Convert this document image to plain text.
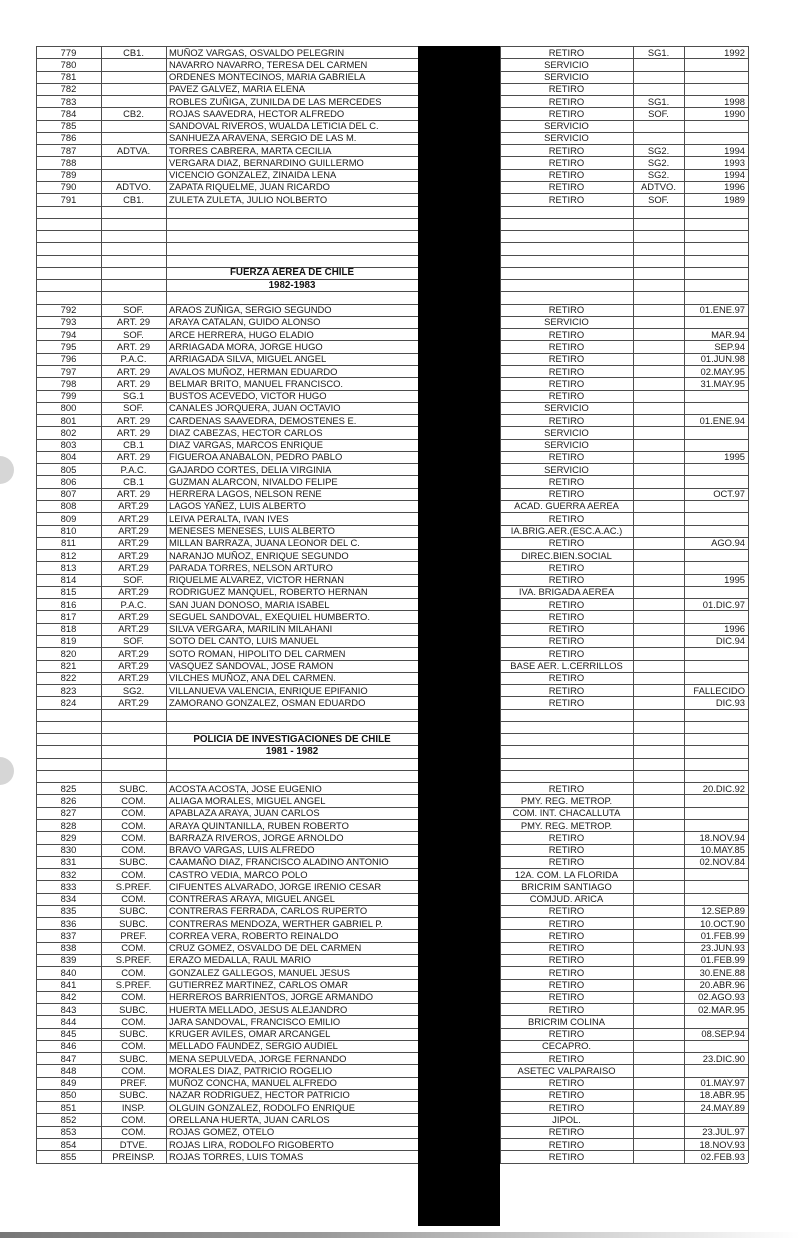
779	CB1.	MUÑOZ VARGAS, OSVALDO PELEGRIN	RETIRO	SG1.	1992
780	NAVARRO NAVARRO, TERESA DEL CARMEN	SERVICIO
781	ORDENES MONTECINOS, MARIA GABRIELA	SERVICIO
782	PAVEZ GALVEZ, MARIA ELENA	RETIRO
783	ROBLES ZUÑIGA, ZUNILDA DE LAS MERCEDES	RETIRO	SG1.	1998
784	CB2.	ROJAS SAAVEDRA, HECTOR ALFREDO	RETIRO	SOF.	1990
785	SANDOVAL RIVEROS, WUALDA LETICIA DEL C.	SERVICIO
786	SANHUEZA ARAVENA, SERGIO DE LAS M.	SERVICIO
787	ADTVA.	TORRES CABRERA, MARTA CECILIA	RETIRO	SG2.	1994
788	VERGARA DIAZ, BERNARDINO GUILLERMO	RETIRO	SG2.	1993
789	VICENCIO GONZALEZ, ZINAIDA LENA	RETIRO	SG2.	1994
790	ADTVO.	ZAPATA RIQUELME, JUAN RICARDO	RETIRO	ADTVO.	1996
791	CB1.	ZULETA ZULETA, JULIO NOLBERTO	RETIRO	SOF.	1989
FUERZA AEREA DE CHILE
1982-1983
792	SOF.	ARAOS ZUÑIGA, SERGIO SEGUNDO	RETIRO	01.ENE.97
793	ART. 29	ARAYA CATALAN, GUIDO ALONSO	SERVICIO
794	SOF.	ARCE HERRERA, HUGO ELADIO	RETIRO	MAR.94
795	ART. 29	ARRIAGADA MORA, JORGE HUGO	RETIRO	SEP.94
796	P.A.C.	ARRIAGADA SILVA, MIGUEL ANGEL	RETIRO	01.JUN.98
797	ART. 29	AVALOS MUÑOZ, HERMAN EDUARDO	RETIRO	02.MAY.95
798	ART. 29	BELMAR BRITO, MANUEL FRANCISCO.	RETIRO	31.MAY.95
799	SG.1	BUSTOS ACEVEDO, VICTOR HUGO	RETIRO
800	SOF.	CANALES JORQUERA, JUAN OCTAVIO	SERVICIO
801	ART. 29	CARDENAS SAAVEDRA, DEMOSTENES E.	RETIRO	01.ENE.94
802	ART. 29	DIAZ CABEZAS, HECTOR CARLOS	SERVICIO
803	CB.1	DIAZ VARGAS, MARCOS ENRIQUE	SERVICIO
804	ART. 29	FIGUEROA ANABALON, PEDRO PABLO	RETIRO	1995
805	P.A.C.	GAJARDO CORTES, DELIA VIRGINIA	SERVICIO
806	CB.1	GUZMAN ALARCON, NIVALDO FELIPE	RETIRO
807	ART. 29	HERRERA LAGOS, NELSON RENE	RETIRO	OCT.97
808	ART.29	LAGOS YAÑEZ, LUIS ALBERTO	ACAD. GUERRA AEREA
809	ART.29	LEIVA PERALTA, IVAN IVES	RETIRO
810	ART.29	MENESES MENESES, LUIS ALBERTO	IA.BRIG.AER.(ESC.A.AC.)
811	ART.29	MILLAN BARRAZA, JUANA LEONOR DEL C.	RETIRO	AGO.94
812	ART.29	NARANJO MUÑOZ, ENRIQUE SEGUNDO	DIREC.BIEN.SOCIAL
813	ART.29	PARADA TORRES, NELSON ARTURO	RETIRO
814	SOF.	RIQUELME ALVAREZ, VICTOR HERNAN	RETIRO	1995
815	ART.29	RODRIGUEZ MANQUEL, ROBERTO HERNAN	IVA. BRIGADA AEREA
816	P.A.C.	SAN JUAN DONOSO, MARIA ISABEL	RETIRO	01.DIC.97
817	ART.29	SEGUEL SANDOVAL, EXEQUIEL HUMBERTO.	RETIRO
818	ART.29	SILVA VERGARA, MARILIN MILAHANI	RETIRO	1996
819	SOF.	SOTO DEL CANTO, LUIS MANUEL	RETIRO	DIC.94
820	ART.29	SOTO ROMAN, HIPOLITO DEL CARMEN	RETIRO
821	ART.29	VASQUEZ SANDOVAL, JOSE RAMON	BASE AER. L.CERRILLOS
822	ART.29	VILCHES MUÑOZ, ANA DEL CARMEN.	RETIRO
823	SG2.	VILLANUEVA VALENCIA, ENRIQUE EPIFANIO	RETIRO	FALLECIDO
824	ART.29	ZAMORANO GONZALEZ, OSMAN EDUARDO	RETIRO	DIC.93
POLICIA DE INVESTIGACIONES DE CHILE
1981 - 1982
825	SUBC.	ACOSTA ACOSTA, JOSE EUGENIO	RETIRO	20.DIC.92
826	COM.	ALIAGA MORALES, MIGUEL ANGEL	PMY. REG. METROP.
827	COM.	APABLAZA ARAYA, JUAN CARLOS	COM. INT. CHACALLUTA
828	COM.	ARAYA QUINTANILLA, RUBEN ROBERTO	PMY. REG. METROP.
829	COM.	BARRAZA RIVEROS, JORGE ARNOLDO	RETIRO	18.NOV.94
830	COM.	BRAVO VARGAS, LUIS ALFREDO	RETIRO	10.MAY.85
831	SUBC.	CAAMAÑO DIAZ, FRANCISCO ALADINO ANTONIO	RETIRO	02.NOV.84
832	COM.	CASTRO VEDIA, MARCO POLO	12A. COM. LA FLORIDA
833	S.PREF.	CIFUENTES ALVARADO, JORGE IRENIO CESAR	BRICRIM SANTIAGO
834	COM.	CONTRERAS ARAYA, MIGUEL ANGEL	COMJUD. ARICA
835	SUBC.	CONTRERAS FERRADA, CARLOS RUPERTO	RETIRO	12.SEP.89
836	SUBC.	CONTRERAS MENDOZA, WERTHER GABRIEL P.	RETIRO	10.OCT.90
837	PREF.	CORREA VERA, ROBERTO REINALDO	RETIRO	01.FEB.99
838	COM.	CRUZ GOMEZ, OSVALDO DE DEL CARMEN	RETIRO	23.JUN.93
839	S.PREF.	ERAZO MEDALLA, RAUL MARIO	RETIRO	01.FEB.99
840	COM.	GONZALEZ GALLEGOS, MANUEL JESUS	RETIRO	30.ENE.88
841	S.PREF.	GUTIERREZ MARTINEZ, CARLOS OMAR	RETIRO	20.ABR.96
842	COM.	HERREROS BARRIENTOS, JORGE ARMANDO	RETIRO	02.AGO.93
843	SUBC.	HUERTA MELLADO, JESUS ALEJANDRO	RETIRO	02.MAR.95
844	COM.	JARA SANDOVAL, FRANCISCO EMILIO	BRICRIM COLINA
845	SUBC.	KRUGER AVILES, OMAR ARCANGEL	RETIRO	08.SEP.94
846	COM.	MELLADO FAUNDEZ, SERGIO AUDIEL	CECAPRO.
847	SUBC.	MENA SEPULVEDA, JORGE FERNANDO	RETIRO	23.DIC.90
848	COM.	MORALES DIAZ, PATRICIO ROGELIO	ASETEC VALPARAISO
849	PREF.	MUÑOZ CONCHA, MANUEL ALFREDO	RETIRO	01.MAY.97
850	SUBC.	NAZAR RODRIGUEZ, HECTOR PATRICIO	RETIRO	18.ABR.95
851	INSP.	OLGUIN GONZALEZ, RODOLFO ENRIQUE	RETIRO	24.MAY.89
852	COM.	ORELLANA HUERTA, JUAN CARLOS	JIPOL.
853	COM.	ROJAS GOMEZ, OTELO	RETIRO	23.JUL.97
854	DTVE.	ROJAS LIRA, RODOLFO RIGOBERTO	RETIRO	18.NOV.93
855	PREINSP.	ROJAS TORRES, LUIS TOMAS	RETIRO	02.FEB.93
